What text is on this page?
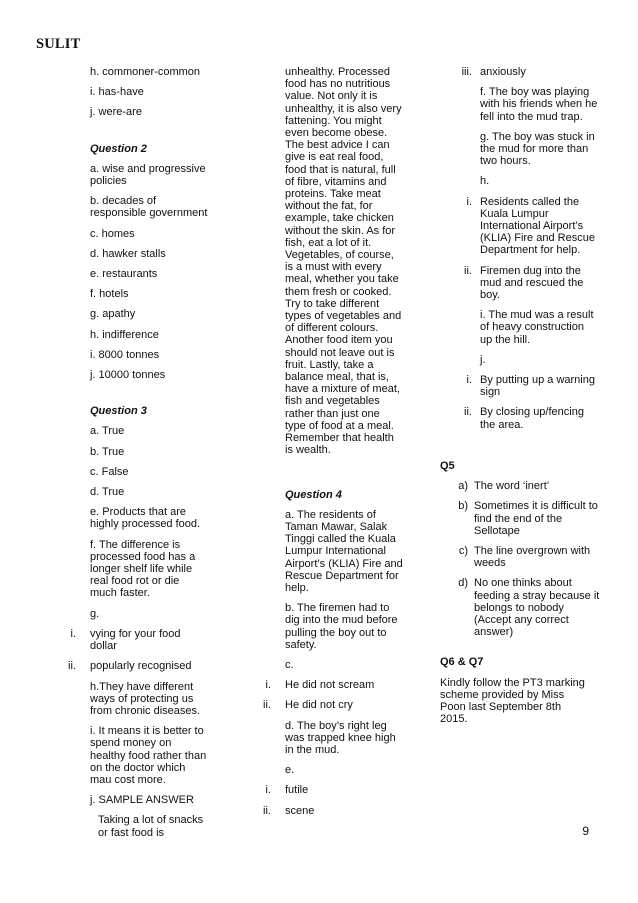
SULIT

h. commoner-common

i. has-have

j. were-are

Question 2

a. wise and progressive policies

b. decades of responsible government

c. homes

d. hawker stalls

e. restaurants

f. hotels

g. apathy

h. indifference

i. 8000 tonnes

j. 10000 tonnes

Question 3

a. True

b. True

c. False

d. True

e. Products that are highly processed food.

f. The difference is processed food has a longer shelf life while real food rot or die much faster.

g.

i. vying for your food dollar
ii. popularly recognised

h.They have different ways of protecting us from chronic diseases.

i. It means it is better to spend money on healthy food rather than on the doctor which mau cost more.

j. SAMPLE ANSWER

Taking a lot of snacks or fast food is

unhealthy. Processed food has no nutritious value. Not only it is unhealthy, it is also very fattening. You might even become obese. The best advice I can give is eat real food, food that is natural, full of fibre, vitamins and proteins. Take meat without the fat, for example, take chicken without the skin. As for fish, eat a lot of it. Vegetables, of course, is a must with every meal, whether you take them fresh or cooked. Try to take different types of vegetables and of different colours. Another food item you should not leave out is fruit. Lastly, take a balance meal, that is, have a mixture of meat, fish and vegetables rather than just one type of food at a meal. Remember that health is wealth.

Question 4

a. The residents of Taman Mawar, Salak Tinggi called the Kuala Lumpur International Airport’s (KLIA) Fire and Rescue Department for help.

b. The firemen had to dig into the mud before pulling the boy out to safety.

c.

i. He did not scream
ii. He did not cry

d. The boy’s right leg was trapped knee high in the mud.

e.

i. futile
ii. scene
iii. anxiously

f. The boy was playing with his friends when he fell into the mud trap.

g. The boy was stuck in the mud for more than two hours.

h.

i. Residents called the Kuala Lumpur International Airport’s (KLIA) Fire and Rescue Department for help.
ii. Firemen dug into the mud and rescued the boy.

i. The mud was a result of heavy construction up the hill.

j.

i. By putting up a warning sign
ii. By closing up/fencing the area.

Q5

a) The word ‘inert’
b) Sometimes it is difficult to find the end of the Sellotape
c) The line overgrown with weeds
d) No one thinks about feeding a stray because it belongs to nobody (Accept any correct answer)

Q6 & Q7

Kindly follow the PT3 marking scheme provided by Miss Poon last September 8th 2015.

9
